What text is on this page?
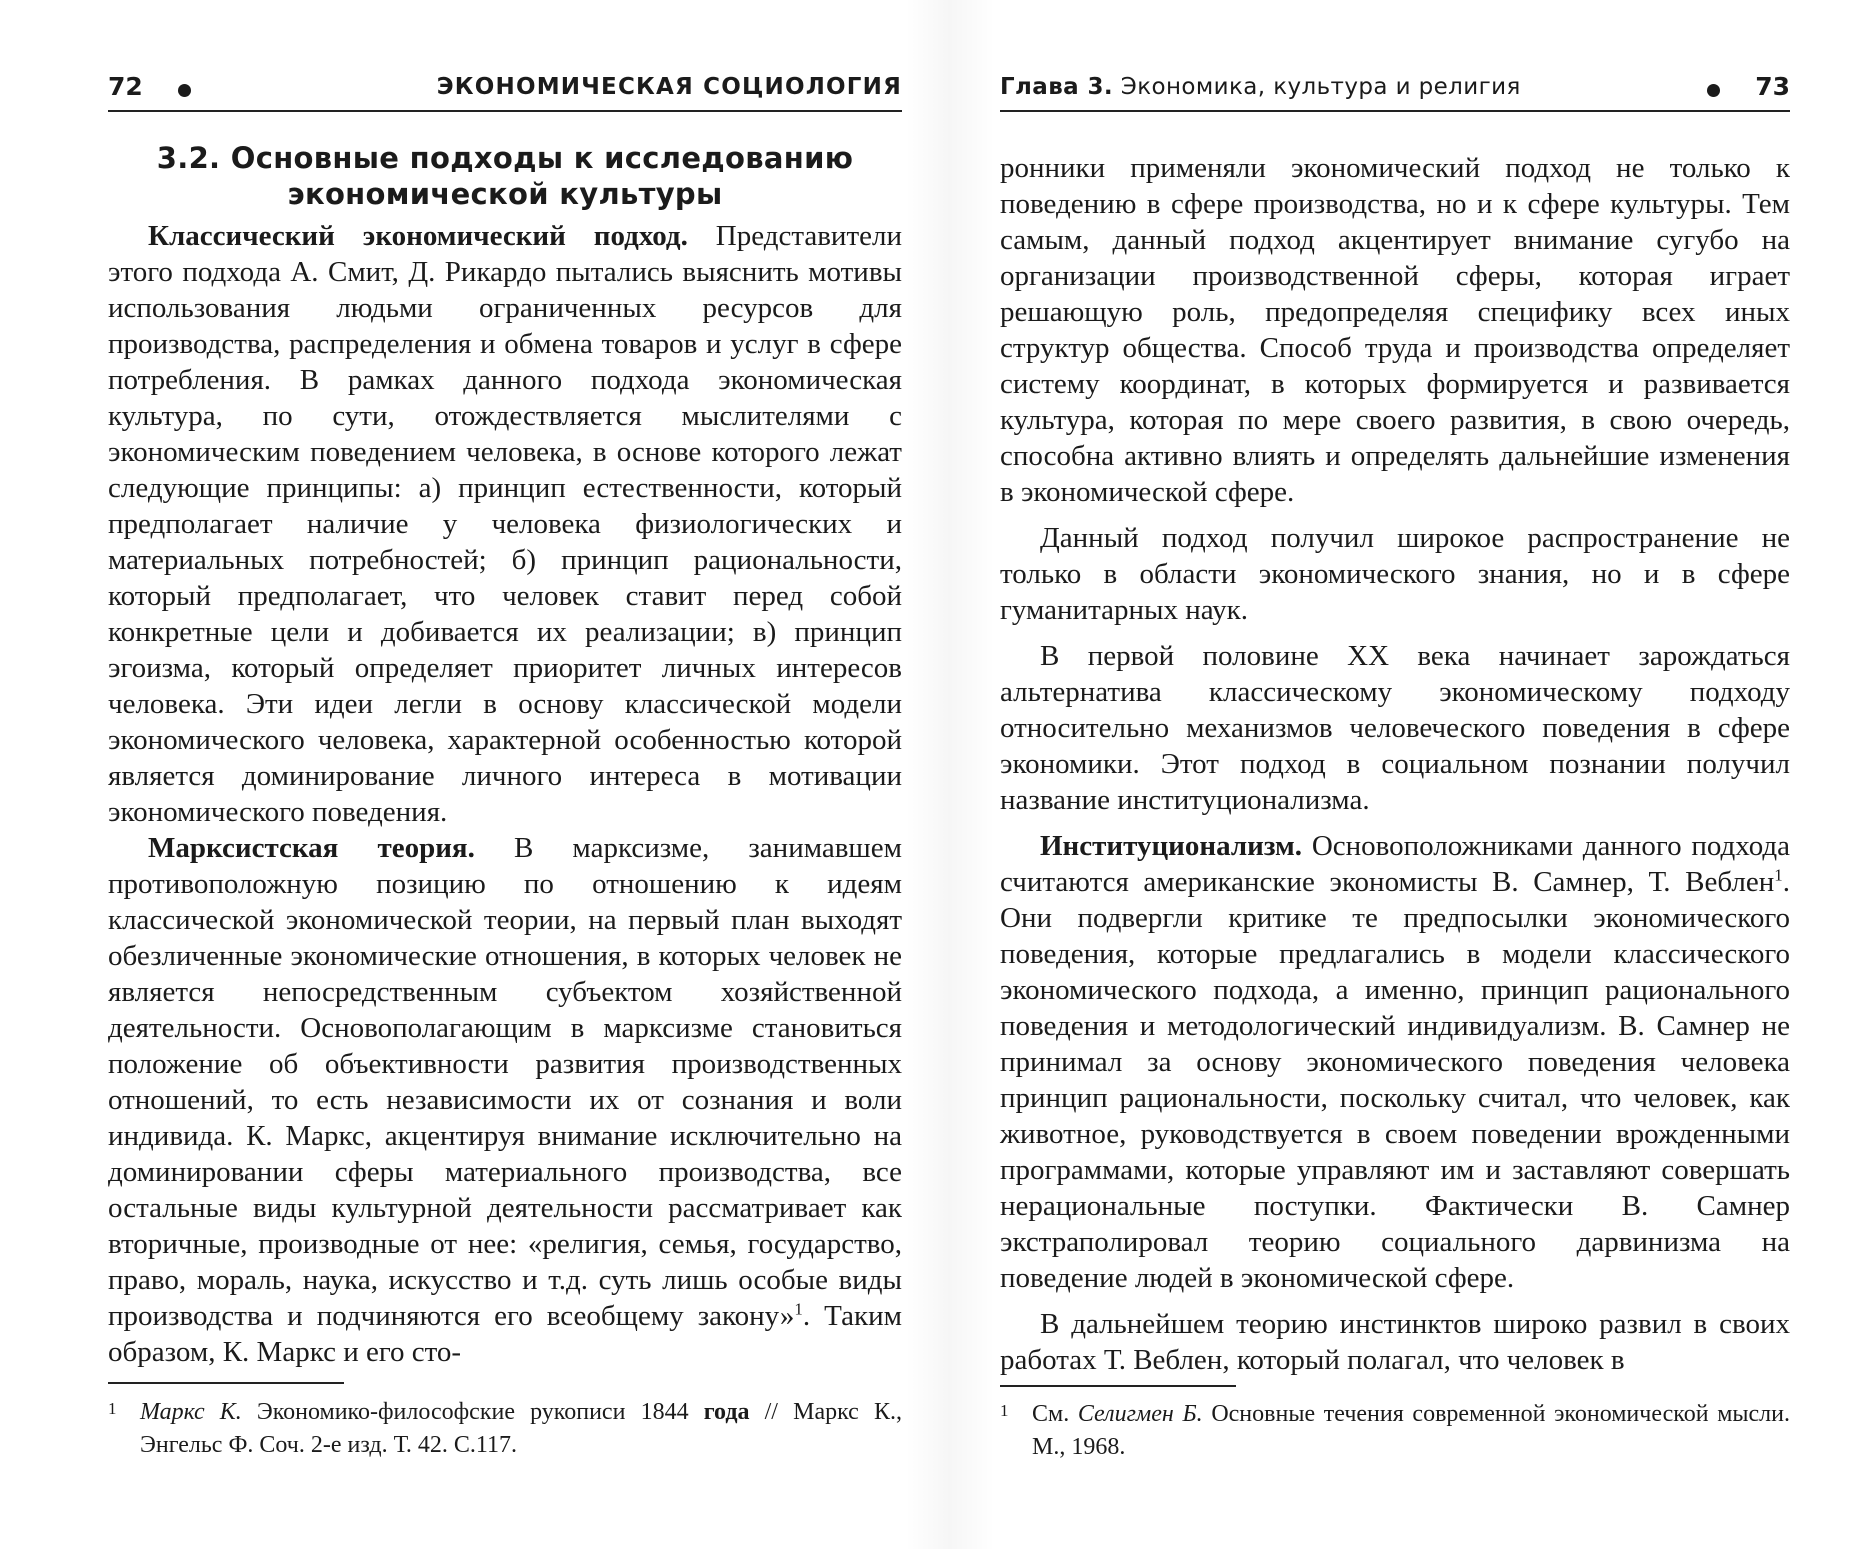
72	ЭКОНОМИЧЕСКАЯ СОЦИОЛОГИЯ
3.2. Основные подходы к исследованию
экономической культуры

Классический экономический подход. Представители этого подхода А. Смит, Д. Рикардо пытались выяснить мотивы использования людьми ограниченных ресурсов для производства, распределения и обмена товаров и услуг в сфере потребления. В рамках данного подхода экономическая культура, по сути, отождествляется мыслителями с экономическим поведением человека, в основе которого лежат следующие принципы: а) принцип естественности, который предполагает наличие у человека физиологических и материальных потребностей; б) принцип рациональности, который предполагает, что человек ставит перед собой конкретные цели и добивается их реализации; в) принцип эгоизма, который определяет приоритет личных интересов человека. Эти идеи легли в основу классической модели экономического человека, характерной особенностью которой является доминирование личного интереса в мотивации экономического поведения.

Марксистская теория. В марксизме, занимавшем противоположную позицию по отношению к идеям классической экономической теории, на первый план выходят обезличенные экономические отношения, в которых человек не является непосредственным субъектом хозяйственной деятельности. Основополагающим в марксизме становиться положение об объективности развития производственных отношений, то есть независимости их от сознания и воли индивида. К. Маркс, акцентируя внимание исключительно на доминировании сферы материального производства, все остальные виды культурной деятельности рассматривает как вторичные, производные от нее: «религия, семья, государство, право, мораль, наука, искусство и т.д. суть лишь особые виды производства и подчиняются его всеобщему закону»$^1$. Таким образом, К. Маркс и его сто-

1 Маркс К. Экономико-философские рукописи 1844 года // Маркс К., Энгельс Ф. Соч. 2-е изд. Т. 42. С.117.
Глава 3. Экономика, культура и религия	73

ронники применяли экономический подход не только к поведению в сфере производства, но и к сфере культуры. Тем самым, данный подход акцентирует внимание сугубо на организации производственной сферы, которая играет решающую роль, предопределяя специфику всех иных структур общества. Способ труда и производства определяет систему координат, в которых формируется и развивается культура, которая по мере своего развития, в свою очередь, способна активно влиять и определять дальнейшие изменения в экономической сфере.

Данный подход получил широкое распространение не только в области экономического знания, но и в сфере гуманитарных наук.

В первой половине XX века начинает зарождаться альтернатива классическому экономическому подходу относительно механизмов человеческого поведения в сфере экономики. Этот подход в социальном познании получил название институционализма.

Институционализм. Основоположниками данного подхода считаются американские экономисты В. Самнер, Т. Веблен$^1$. Они подвергли критике те предпосылки экономического поведения, которые предлагались в модели классического экономического подхода, а именно, принцип рационального поведения и методологический индивидуализм. В. Самнер не принимал за основу экономического поведения человека принцип рациональности, поскольку считал, что человек, как животное, руководствуется в своем поведении врожденными программами, которые управляют им и заставляют совершать нерациональные поступки. Фактически В. Самнер экстраполировал теорию социального дарвинизма на поведение людей в экономической сфере.

В дальнейшем теорию инстинктов широко развил в своих работах Т. Веблен, который полагал, что человек в

1 См. Селигмен Б. Основные течения современной экономической мысли. М., 1968.
